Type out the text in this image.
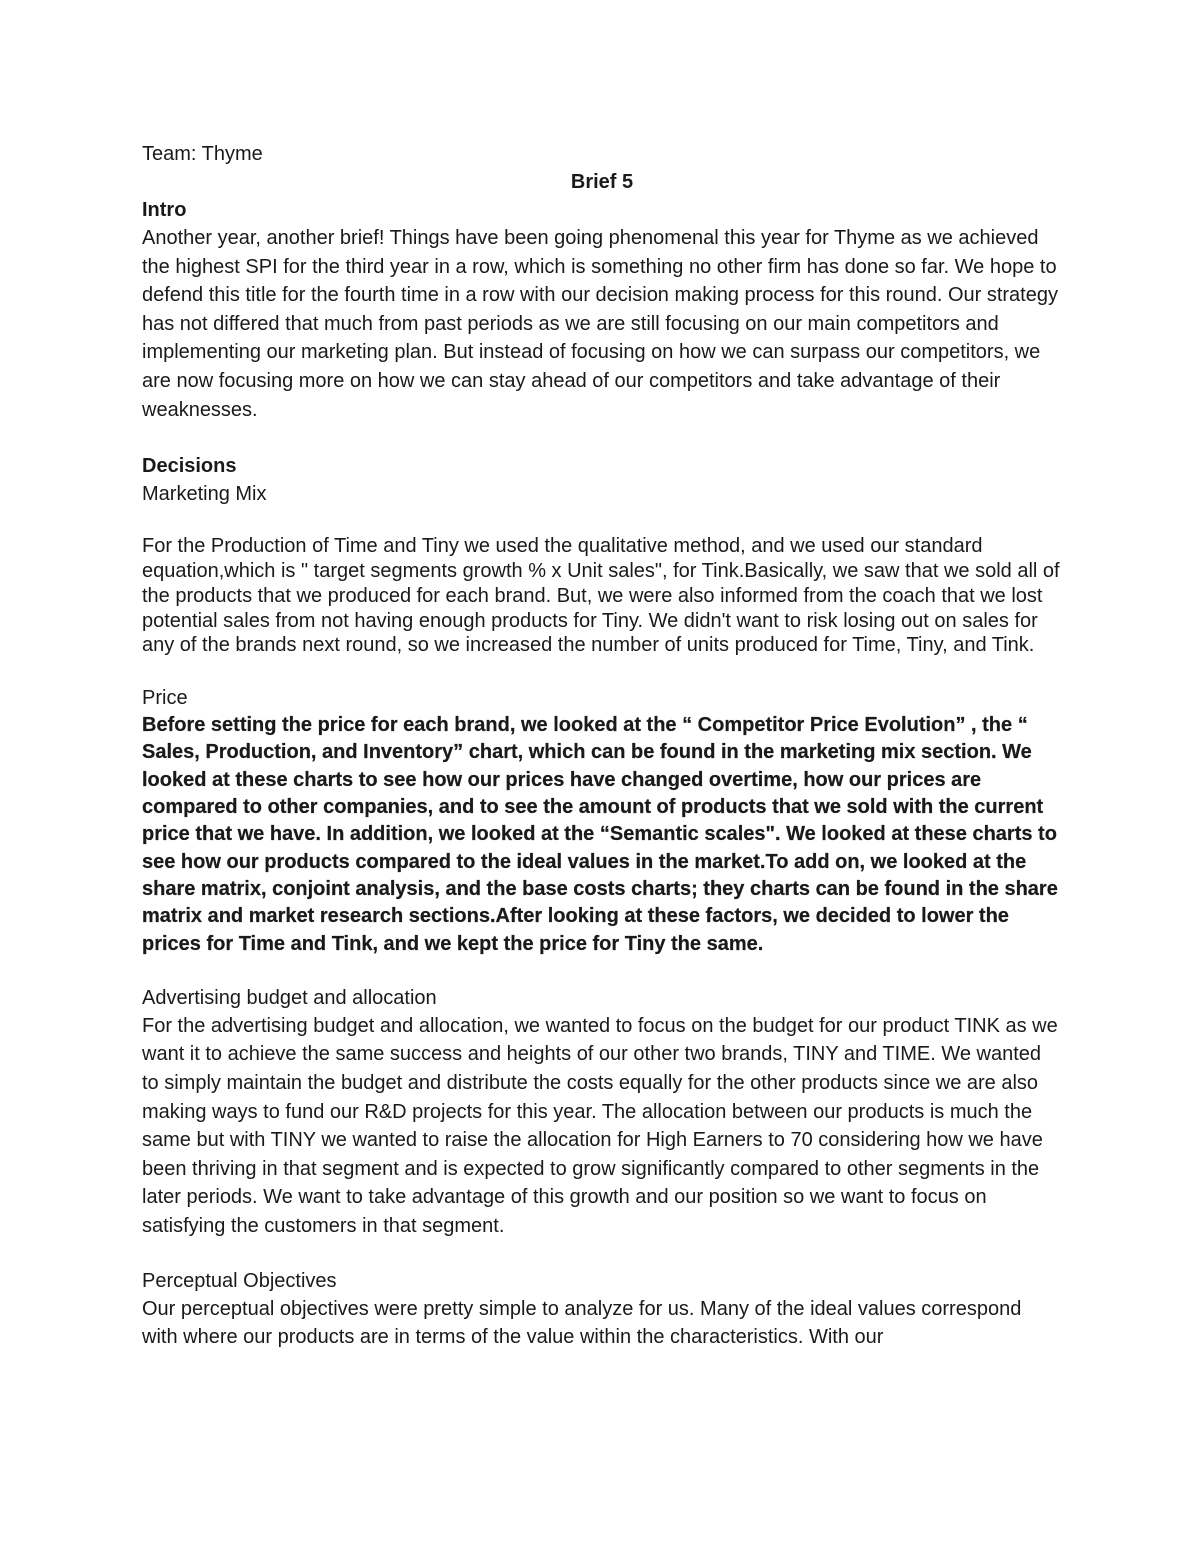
Team: Thyme

Brief 5

Intro

Another year, another brief! Things have been going phenomenal this year for Thyme as we achieved the highest SPI for the third year in a row, which is something no other firm has done so far. We hope to defend this title for the fourth time in a row with our decision making process for this round. Our strategy has not differed that much from past periods as we are still focusing on our main competitors and implementing our marketing plan. But instead of focusing on how we can surpass our competitors, we are now focusing more on how we can stay ahead of our competitors and take advantage of their weaknesses.

Decisions

Marketing Mix

For the Production of Time and Tiny we used the qualitative method, and we used our standard equation,which is " target segments growth % x Unit sales", for Tink.Basically, we saw that we sold all of the products that we produced for each brand. But, we were also informed from the coach that we lost potential sales from not having enough products for Tiny. We didn't want to risk losing out on sales for any of the brands next round, so we increased the number of units produced for Time, Tiny, and Tink.

Price

Before setting the price for each brand, we looked at the “ Competitor Price Evolution” , the “ Sales, Production, and Inventory” chart, which can be found in the marketing mix section. We looked at these charts to see how our prices have changed overtime, how our prices are compared to other companies, and to see the amount of products that we sold with the current price that we have. In addition, we looked at the “Semantic scales". We looked at these charts to see how our products compared to the ideal values in the market.To add on, we looked at the share matrix, conjoint analysis, and the base costs charts; they charts can be found in the share matrix and market research sections.After looking at these factors, we decided to lower the prices for Time and Tink, and we kept the price for Tiny the same.

Advertising budget and allocation

For the advertising budget and allocation, we wanted to focus on the budget for our product TINK as we want it to achieve the same success and heights of our other two brands, TINY and TIME. We wanted to simply maintain the budget and distribute the costs equally for the other products since we are also making ways to fund our R&D projects for this year. The allocation between our products is much the same but with TINY we wanted to raise the allocation for High Earners to 70 considering how we have been thriving in that segment and is expected to grow significantly compared to other segments in the later periods. We want to take advantage of this growth and our position so we want to focus on satisfying the customers in that segment.

Perceptual Objectives

Our perceptual objectives were pretty simple to analyze for us. Many of the ideal values correspond with where our products are in terms of the value within the characteristics. With our
